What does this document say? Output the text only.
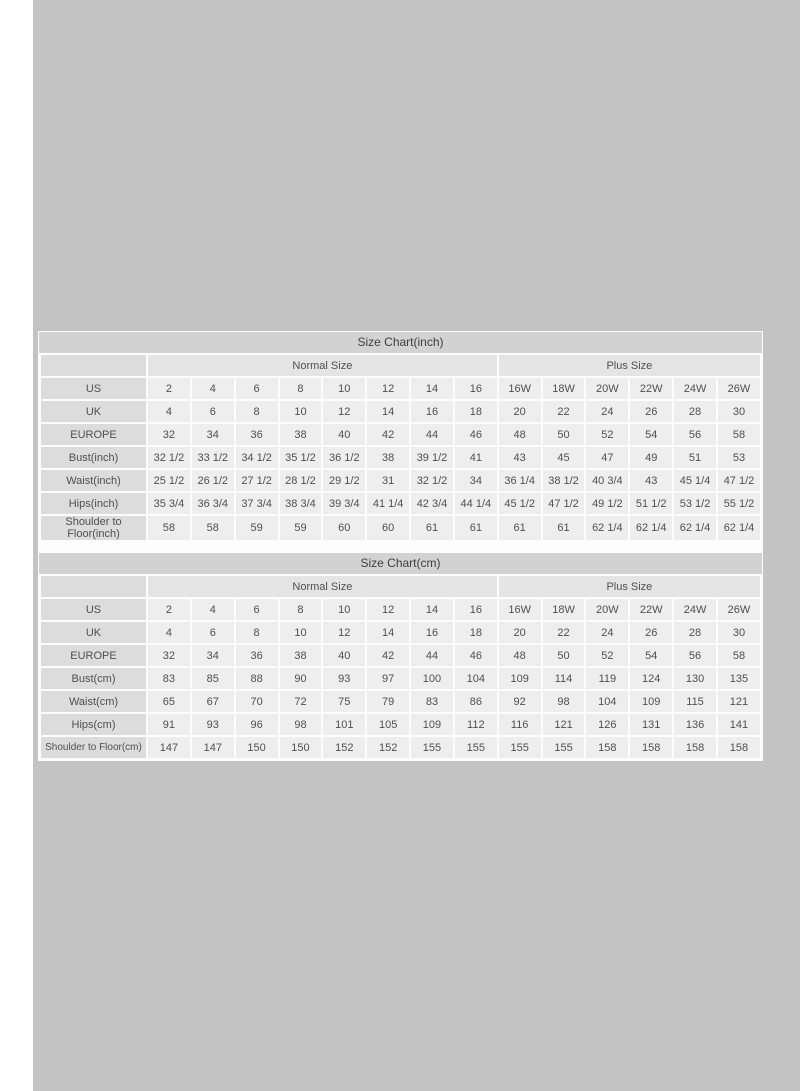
Size Chart(inch)
	Normal Size								Plus Size					
US	2	4	6	8	10	12	14	16	16W	18W	20W	22W	24W	26W
UK	4	6	8	10	12	14	16	18	20	22	24	26	28	30
EUROPE	32	34	36	38	40	42	44	46	48	50	52	54	56	58
Bust(inch)	32 1/2	33 1/2	34 1/2	35 1/2	36 1/2	38	39 1/2	41	43	45	47	49	51	53
Waist(inch)	25 1/2	26 1/2	27 1/2	28 1/2	29 1/2	31	32 1/2	34	36 1/4	38 1/2	40 3/4	43	45 1/4	47 1/2
Hips(inch)	35 3/4	36 3/4	37 3/4	38 3/4	39 3/4	41 1/4	42 3/4	44 1/4	45 1/2	47 1/2	49 1/2	51 1/2	53 1/2	55 1/2
Shoulder to Floor(inch)	58	58	59	59	60	60	61	61	61	61	62 1/4	62 1/4	62 1/4	62 1/4
Size Chart(cm)
	Normal Size								Plus Size					
US	2	4	6	8	10	12	14	16	16W	18W	20W	22W	24W	26W
UK	4	6	8	10	12	14	16	18	20	22	24	26	28	30
EUROPE	32	34	36	38	40	42	44	46	48	50	52	54	56	58
Bust(cm)	83	85	88	90	93	97	100	104	109	114	119	124	130	135
Waist(cm)	65	67	70	72	75	79	83	86	92	98	104	109	115	121
Hips(cm)	91	93	96	98	101	105	109	112	116	121	126	131	136	141
Shoulder to Floor(cm)	147	147	150	150	152	152	155	155	155	155	158	158	158	158
